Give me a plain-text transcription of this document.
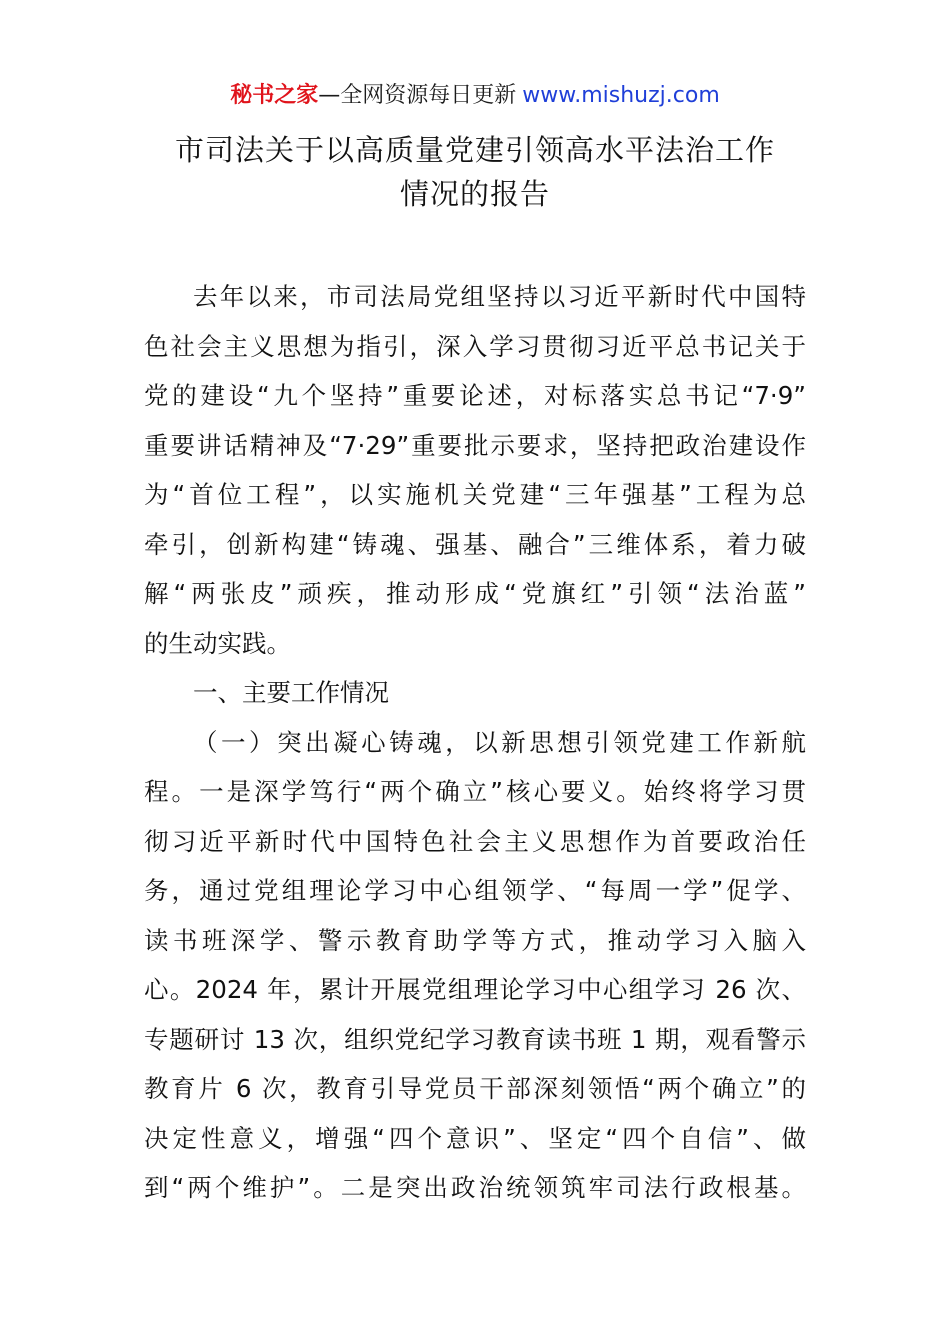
秘书之家—全网资源每日更新 www.mishuzj.com
市司法关于以高质量党建引领高水平法治工作
情况的报告
去年以来，市司法局党组坚持以习近平新时代中国特
色社会主义思想为指引，深入学习贯彻习近平总书记关于
党的建设“九个坚持”重要论述，对标落实总书记“7·9”
重要讲话精神及“7·29”重要批示要求，坚持把政治建设作
为“首位工程”，以实施机关党建“三年强基”工程为总
牵引，创新构建“铸魂、强基、融合”三维体系，着力破
解“两张皮”顽疾，推动形成“党旗红”引领“法治蓝”
的生动实践。
一、主要工作情况
（一）突出凝心铸魂，以新思想引领党建工作新航
程。一是深学笃行“两个确立”核心要义。始终将学习贯
彻习近平新时代中国特色社会主义思想作为首要政治任
务，通过党组理论学习中心组领学、“每周一学”促学、
读书班深学、警示教育助学等方式，推动学习入脑入
心。2024 年，累计开展党组理论学习中心组学习 26 次、
专题研讨 13 次，组织党纪学习教育读书班 1 期，观看警示
教育片 6 次，教育引导党员干部深刻领悟“两个确立”的
决定性意义，增强“四个意识”、坚定“四个自信”、做
到“两个维护”。二是突出政治统领筑牢司法行政根基。
